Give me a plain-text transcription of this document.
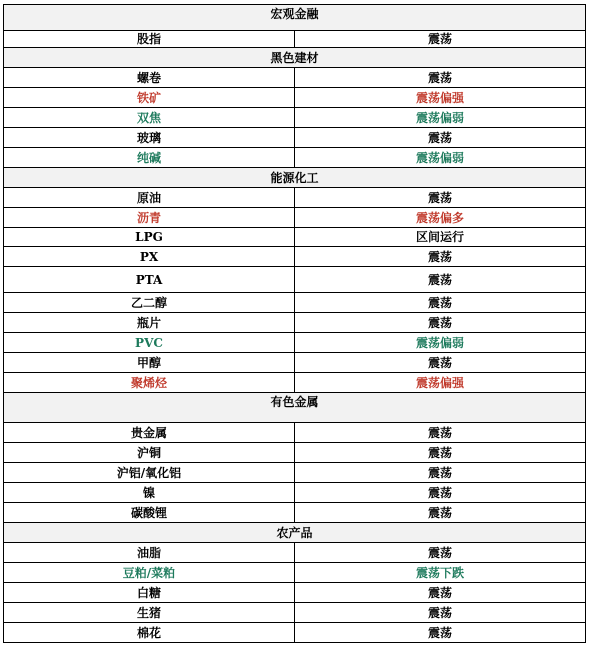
宏观金融	
股指	震荡
黑色建材	
螺卷	震荡
铁矿	震荡偏强
双焦	震荡偏弱
玻璃	震荡
纯碱	震荡偏弱
能源化工	
原油	震荡
沥青	震荡偏多
LPG	区间运行
PX	震荡
PTA	震荡
乙二醇	震荡
瓶片	震荡
PVC	震荡偏弱
甲醇	震荡
聚烯烃	震荡偏强
有色金属	
贵金属	震荡
沪铜	震荡
沪铝/氧化铝	震荡
镍	震荡
碳酸锂	震荡
农产品	
油脂	震荡
豆粕/菜粕	震荡下跌
白糖	震荡
生猪	震荡
棉花	震荡
